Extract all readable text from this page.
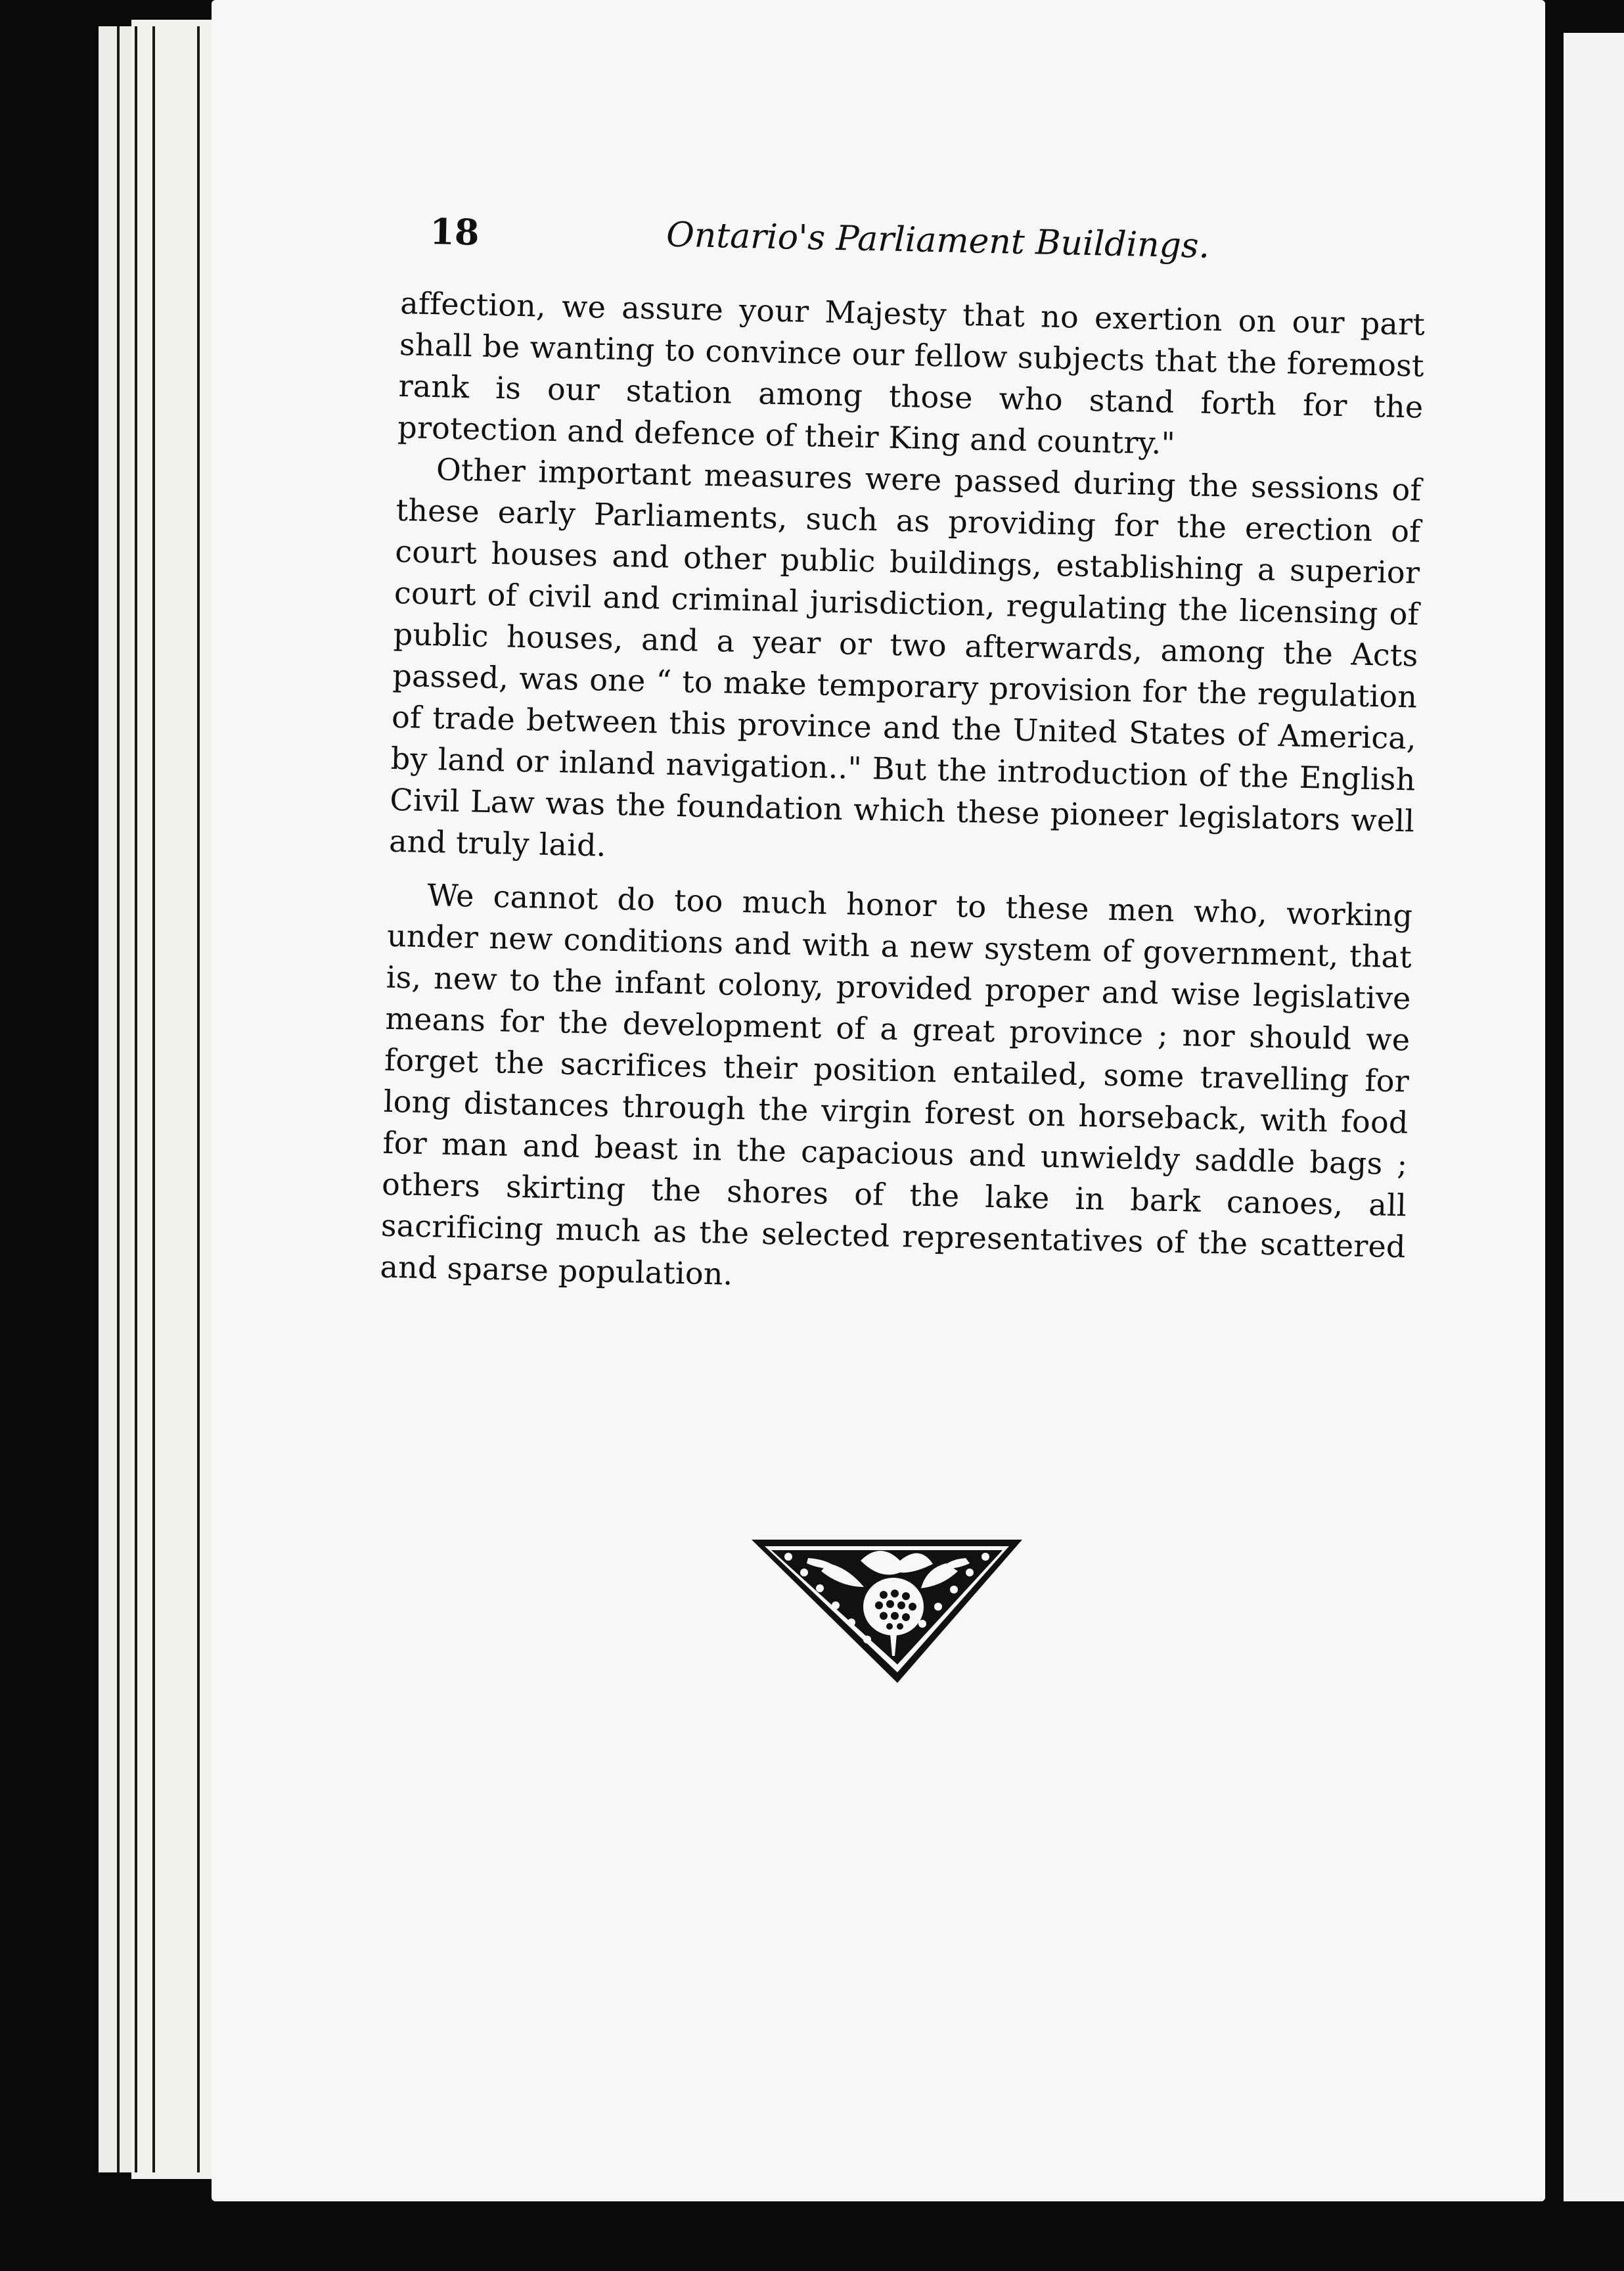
18	Ontario's Parliament Buildings.

affection, we assure your Majesty that no exertion on our part shall be wanting to convince our fellow subjects that the foremost rank is our station among those who stand forth for the protection and defence of their King and country."

Other important measures were passed during the sessions of these early Parliaments, such as providing for the erection of court houses and other public buildings, establishing a superior court of civil and criminal jurisdiction, regulating the licensing of public houses, and a year or two afterwards, among the Acts passed, was one “ to make temporary provision for the regulation of trade between this province and the United States of America, by land or inland navigation.." But the introduction of the English Civil Law was the foundation which these pioneer legislators well and truly laid.

We cannot do too much honor to these men who, working under new conditions and with a new system of government, that is, new to the infant colony, provided proper and wise legislative means for the development of a great province ; nor should we forget the sacrifices their position entailed, some travelling for long distances through the virgin forest on horseback, with food for man and beast in the capacious and unwieldy saddle bags ; others skirting the shores of the lake in bark canoes, all sacrificing much as the selected representatives of the scattered and sparse population.
